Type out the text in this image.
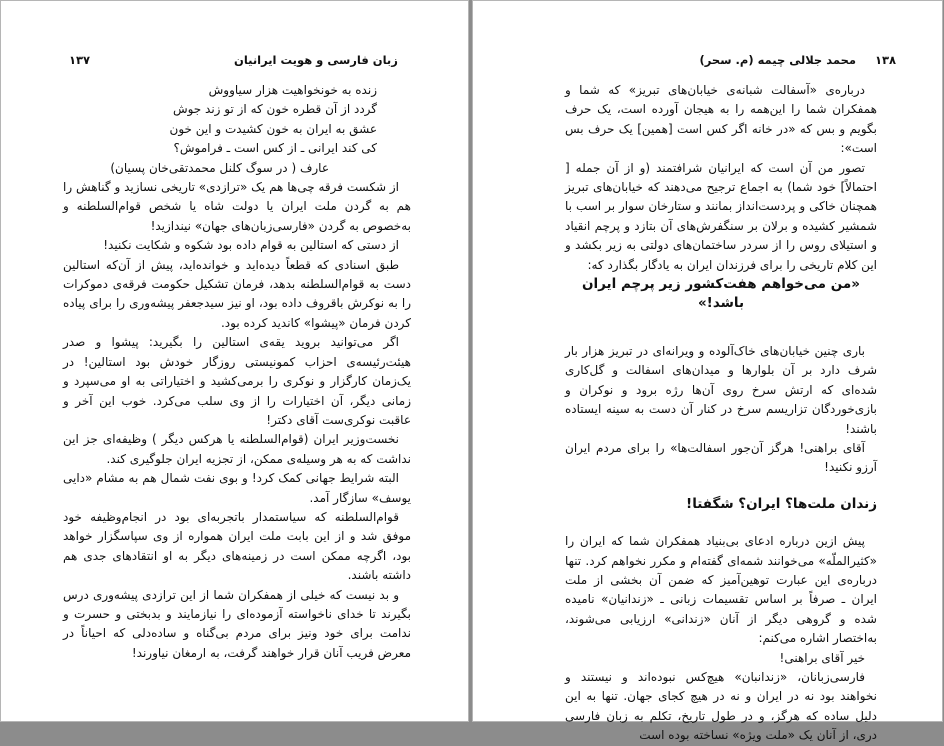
۱۳۷	زبان فارسی و هویت ایرانیان

زنده به خونخواهیت هزار سیاووش

گردد از آن قطره خون که از تو زند جوش

عشق به ایران به خون کشیدت و این خون

کی کند ایرانی ـ از کس است ـ فراموش؟

عارف ( در سوگ کلنل محمدتقی‌خان پسیان)

از شکست فرقه چی‌ها هم یک «ترازدی» تاریخی نسازید و گناهش را هم به گردن ملت ایران یا دولت شاه یا شخص قوام‌السلطنه و به‌خصوص به گردن «فارسی‌زبان‌های جهان» نیندازید!

از دستی که استالین به قوام داده بود شکوه و شکایت نکنید!

طبق اسنادی که قطعاً دیده‌اید و خوانده‌اید، پیش از آن‌که استالین دست به قوام‌السلطنه بدهد، فرمان تشکیل حکومت فرقه‌ی دموکرات را به نوکرش باقروف داده بود، او نیز سیدجعفر پیشه‌وری را برای پیاده کردن فرمان «پیشوا» کاندید کرده بود.

اگر می‌توانید بروید یقه‌ی استالین را بگیرید: پیشوا و صدر هیئت‌رئیسه‌ی احزاب کمونیستی روزگار خودش بود استالین! در یک‌زمان کارگزار و نوکری را برمی‌کشید و اختیاراتی به او می‌سپرد و زمانی دیگر، آن اختیارات را از وی سلب می‌کرد. خوب این آخر و عاقبت نوکری‌ست آقای دکتر!

نخست‌وزیر ایران (قوام‌السلطنه یا هرکس دیگر ) وظیفه‌ای جز این نداشت که به هر وسیله‌ی ممکن، از تجزیه ایران جلوگیری کند.

البته شرایط جهانی کمک کرد! و بوی نفت شمال هم به مشام «دایی یوسف» سازگار آمد.

قوام‌السلطنه که سیاستمدار باتجربه‌ای بود در انجام‌وظیفه خود موفق شد و از این بابت ملت ایران همواره از وی سپاسگزار خواهد بود، اگرچه ممکن است در زمینه‌های دیگر به او انتقادهای جدی هم داشته باشند.

و بد نیست که خیلی از همفکران شما از این ترازدی پیشه‌وری درس بگیرند تا خدای ناخواسته آزموده‌ای را نیازمایند و بدبختی و حسرت و ندامت برای خود ونیز برای مردم بی‌گناه و ساده‌دلی که احیاناً در معرض فریب آنان قرار خواهند گرفت، به ارمغان نیاورند!

محمد جلالی چیمه (م. سحر) ۱۳۸

درباره‌ی «آسفالت شبانه‌ی خیابان‌های تبریز» که شما و همفکران شما را این‌همه را به هیجان آورده است، یک حرف بگویم و بس که «در خانه اگر کس است [همین] یک حرف بس است»:

تصور من آن است که ایرانیان شرافتمند (و از آن جمله [ احتمالاً] خود شما) به اجماع ترجیح می‌دهند که خیابان‌های تبریز همچنان خاکی و پردست‌انداز بمانند و ستارخان سوار بر اسب با شمشیر کشیده و برلان بر سنگفرش‌های آن بتازد و پرچم انقیاد و استیلای روس را از سردر ساختمان‌های دولتی به زیر بکشد و این کلام تاریخی را برای فرزندان ایران به یادگار بگذارد که:

«من می‌خواهم هفت‌کشور زیر پرچم ایران باشد!»

باری چنین خیابان‌های خاک‌آلوده و ویرانه‌ای در تبریز هزار بار شرف دارد بر آن بلوارها و میدان‌های اسفالت و گل‌کاری شده‌ای که ارتش سرخ روی آن‌ها رژه برود و نوکران و بازی‌خوردگان تزاریسم سرخ در کنار آن دست به سینه ایستاده باشند!

آقای براهنی! هرگز آن‌جور اسفالت‌ها» را برای مردم ایران آرزو نکنید!

زندان ملت‌ها؟ ایران؟ شگفتا!

پیش ازین درباره ادعای بی‌بنیاد همفکران شما که ایران را «کثیرالملّه» می‌خوانند شمه‌ای گفته‌ام و مکرر نخواهم کرد. تنها درباره‌ی این عبارت توهین‌آمیز که ضمن آن بخشی از ملت ایران ـ صرفاً بر اساس تقسیمات زبانی ـ «زندانیان» نامیده شده و گروهی دیگر از آنان «زندانی» ارزیابی می‌شوند، به‌اختصار اشاره می‌کنم:

خیر آقای براهنی!

فارسی‌زبانان، «زندانبان» هیچ‌کس نبوده‌اند و نیستند و نخواهند بود نه در ایران و نه در هیچ کجای جهان. تنها به این دلیل ساده که هرگز، و در طول تاریخ، تکلم به زبان فارسی دری، از آنان یک «ملت ویژه» نساخته بوده است
